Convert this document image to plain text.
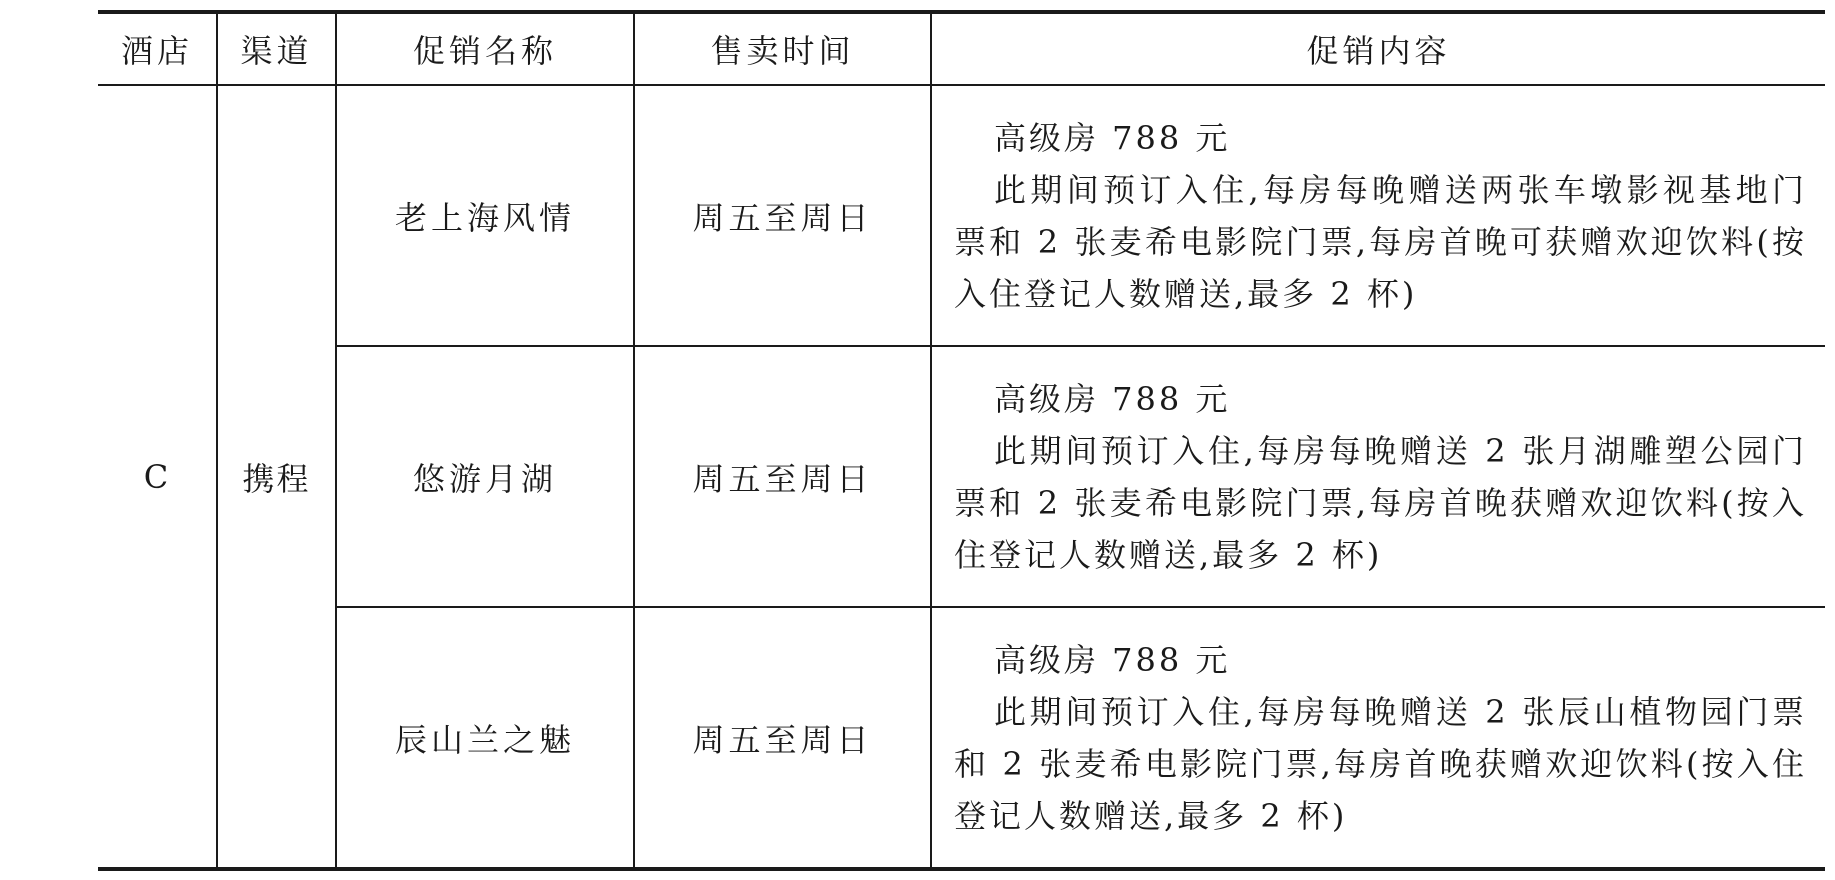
酒店	渠道	促销名称	售卖时间	促销内容
C	携程	老上海风情	周五至周日	高级房 788 元
此期间预订入住,每房每晚赠送两张车墩影视基地门票和 2 张麦希电影院门票,每房首晚可获赠欢迎饮料(按入住登记人数赠送,最多 2 杯)

		悠游月湖	周五至周日	高级房 788 元
此期间预订入住,每房每晚赠送 2 张月湖雕塑公园门票和 2 张麦希电影院门票,每房首晚获赠欢迎饮料(按入住登记人数赠送,最多 2 杯)

		辰山兰之魅	周五至周日	高级房 788 元
此期间预订入住,每房每晚赠送 2 张辰山植物园门票和 2 张麦希电影院门票,每房首晚获赠欢迎饮料(按入住登记人数赠送,最多 2 杯)
